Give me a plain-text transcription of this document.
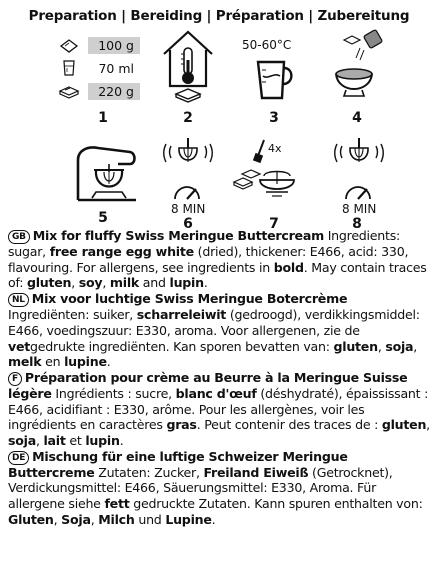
Preparation | Bereiding | Préparation | Zubereitung
100 g
70 ml
220 g
1	2
50-60°C
3	4
5
8 MIN
6
4x
7
8 MIN
8
GB Mix for fluffy Swiss Meringue Buttercream Ingredients: sugar, free range egg white (dried), thickener: E466, acid: 330, flavouring. For allergens, see ingredients in bold. May contain traces of: gluten, soy, milk and lupin.
NL Mix voor luchtige Swiss Meringue Botercrème Ingrediënten: suiker, scharreleiwit (gedroogd), verdikkingsmiddel: E466, voedingszuur: E330, aroma. Voor allergenen, zie de vetgedrukte ingrediënten. Kan sporen bevatten van: gluten, soja, melk en lupine.
F Préparation pour crème au Beurre à la Meringue Suisse légère Ingrédients : sucre, blanc d'œuf (déshydraté), épaississant : E466, acidifiant : E330, arôme. Pour les allergènes, voir les ingrédients en caractères gras. Peut contenir des traces de : gluten, soja, lait et lupin.
DE Mischung für eine luftige Schweizer Meringue Buttercreme Zutaten: Zucker, Freiland Eiweiß (Getrocknet), Verdickungsmittel: E466, Säuerungsmittel: E330, Aroma. Für allergene siehe fett gedruckte Zutaten. Kann spuren enthalten von: Gluten, Soja, Milch und Lupine.
